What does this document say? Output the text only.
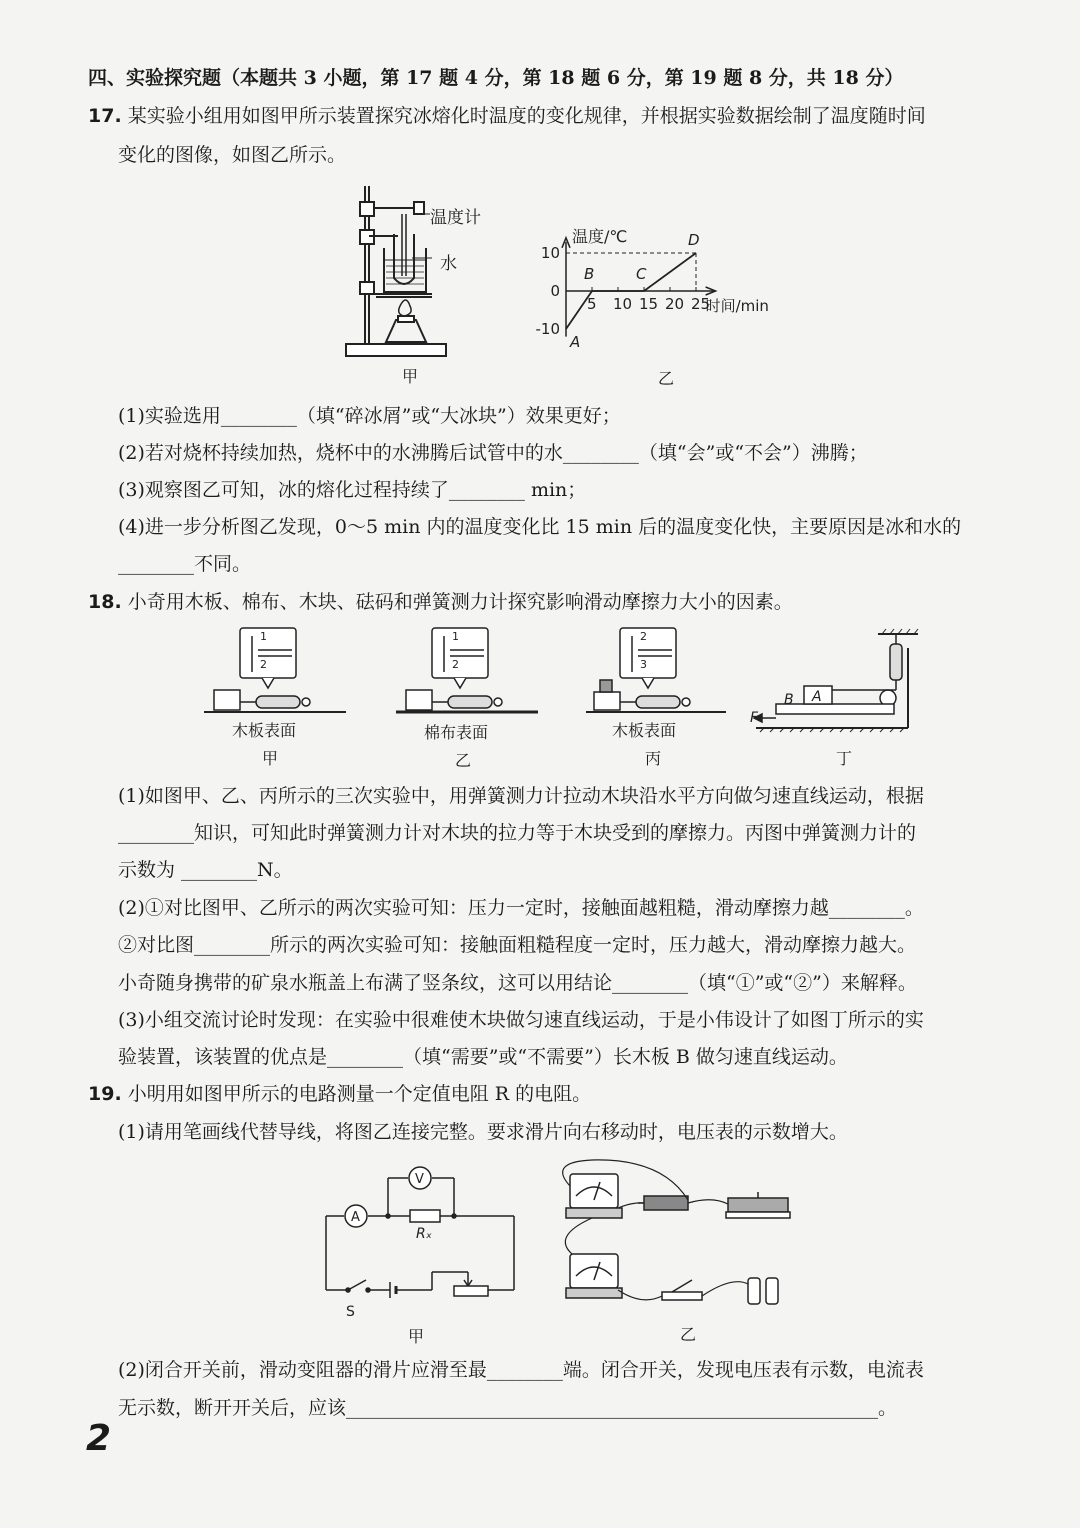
四、实验探究题（本题共 3 小题，第 17 题 4 分，第 18 题 6 分，第 19 题 8 分，共 18 分）
17. 某实验小组用如图甲所示装置探究冰熔化时温度的变化规律，并根据实验数据绘制了温度随时间
变化的图像，如图乙所示。
温度计
水
甲
温度/℃
时间/min
5 10 15 20 25
10
0
-10
A
B	C
D
乙
(1)实验选用________（填“碎冰屑”或“大冰块”）效果更好；
(2)若对烧杯持续加热，烧杯中的水沸腾后试管中的水________（填“会”或“不会”）沸腾；
(3)观察图乙可知，冰的熔化过程持续了________ min；
(4)进一步分析图乙发现，0～5 min 内的温度变化比 15 min 后的温度变化快，主要原因是冰和水的
________不同。
18. 小奇用木板、棉布、木块、砝码和弹簧测力计探究影响滑动摩擦力大小的因素。
1
2
木板表面
甲
1
2
棉布表面
乙
2
3
木板表面
丙
F
B A
丁
(1)如图甲、乙、丙所示的三次实验中，用弹簧测力计拉动木块沿水平方向做匀速直线运动，根据
________知识，可知此时弹簧测力计对木块的拉力等于木块受到的摩擦力。丙图中弹簧测力计的
示数为 ________N。
(2)①对比图甲、乙所示的两次实验可知：压力一定时，接触面越粗糙，滑动摩擦力越________。
②对比图________所示的两次实验可知：接触面粗糙程度一定时，压力越大，滑动摩擦力越大。
小奇随身携带的矿泉水瓶盖上布满了竖条纹，这可以用结论________（填“①”或“②”）来解释。
(3)小组交流讨论时发现：在实验中很难使木块做匀速直线运动，于是小伟设计了如图丁所示的实
验装置，该装置的优点是________（填“需要”或“不需要”）长木板 B 做匀速直线运动。
19. 小明用如图甲所示的电路测量一个定值电阻 R 的电阻。
(1)请用笔画线代替导线，将图乙连接完整。要求滑片向右移动时，电压表的示数增大。
V
A
Rₓ
S
甲	乙
(2)闭合开关前，滑动变阻器的滑片应滑至最________端。闭合开关，发现电压表有示数，电流表
无示数，断开开关后，应该________________________________________________________。
2
